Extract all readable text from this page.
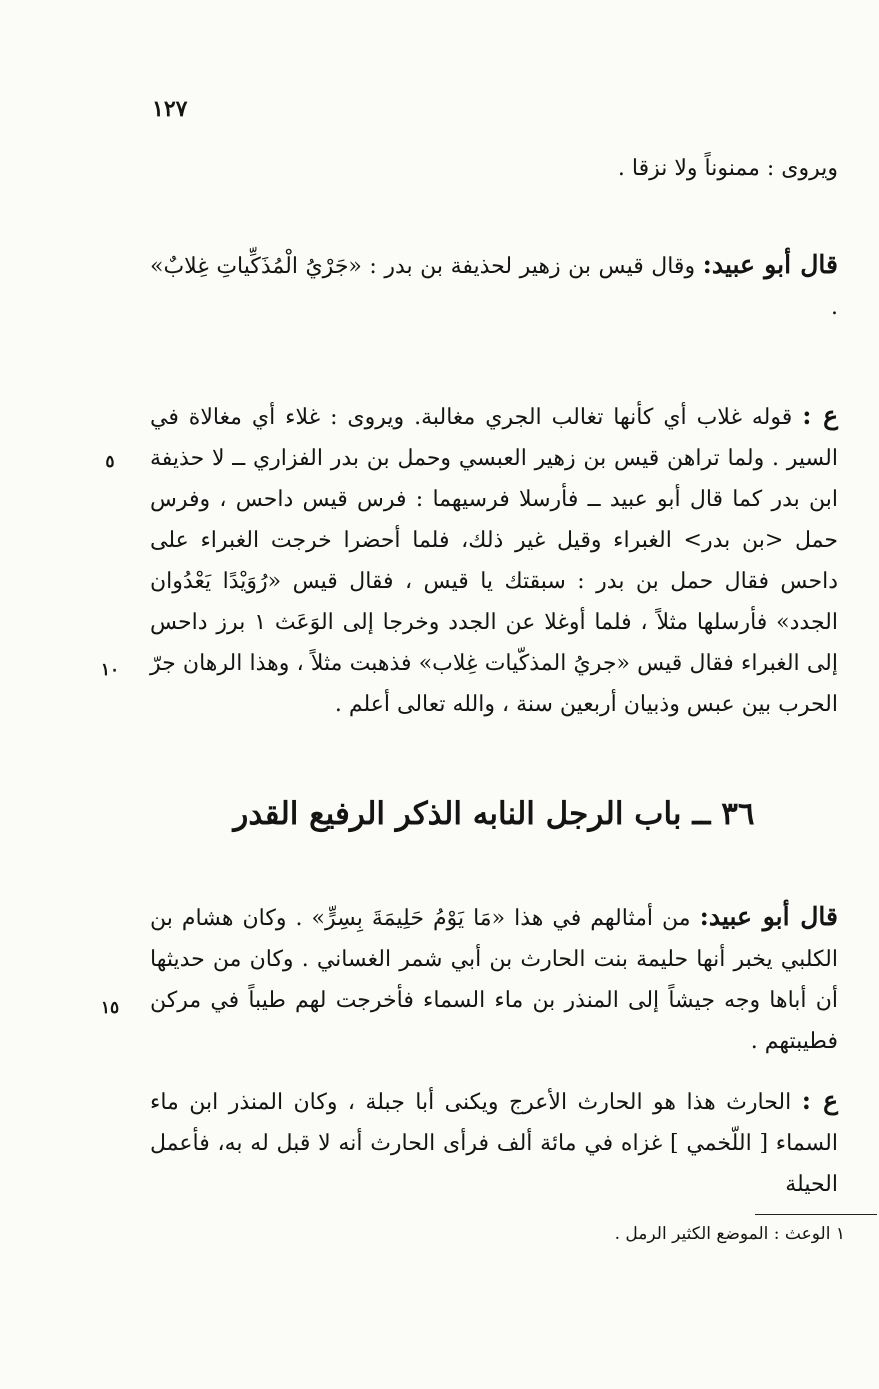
١٢٧

ويروى : ممنوناً ولا نزقا .

قال أبو عبيد: وقال قيس بن زهير لحذيفة بن بدر : «جَرْيُ الْمُذَكِّياتِ غِلابٌ» .

ع : قوله غلاب أي كأنها تغالب الجري مغالبة. ويروى : غلاء أي مغالاة في السير . ولما تراهن قيس بن زهير العبسي وحمل بن بدر الفزاري ــ لا حذيفة ابن بدر كما قال أبو عبيد ــ فأرسلا فرسيهما : فرس قيس داحس ، وفرس حمل <بن بدر> الغبراء وقيل غير ذلك، فلما أحضرا خرجت الغبراء على داحس فقال حمل بن بدر : سبقتك يا قيس ، فقال قيس «رُوَيْدًا يَعْدُوان الجدد» فأرسلها مثلاً ، فلما أوغلا عن الجدد وخرجا إلى الوَعَث ١ برز داحس إلى الغبراء فقال قيس «جريُ المذكّيات غِلاب» فذهبت مثلاً ، وهذا الرهان جرّ الحرب بين عبس وذبيان أربعين سنة ، والله تعالى أعلم .

٣٦ ــ باب الرجل النابه الذكر الرفيع القدر

قال أبو عبيد: من أمثالهم في هذا «مَا يَوْمُ حَلِيمَةَ بِسِرٍّ» . وكان هشام بن الكلبي يخبر أنها حليمة بنت الحارث بن أبي شمر الغساني . وكان من حديثها أن أباها وجه جيشاً إلى المنذر بن ماء السماء فأخرجت لهم طيباً في مركن فطيبتهم .

ع : الحارث هذا هو الحارث الأعرج ويكنى أبا جبلة ، وكان المنذر ابن ماء السماء [ اللّخمي ] غزاه في مائة ألف فرأى الحارث أنه لا قبل له به، فأعمل الحيلة

٥
١٠
١٥

١ الوعث : الموضع الكثير الرمل .
